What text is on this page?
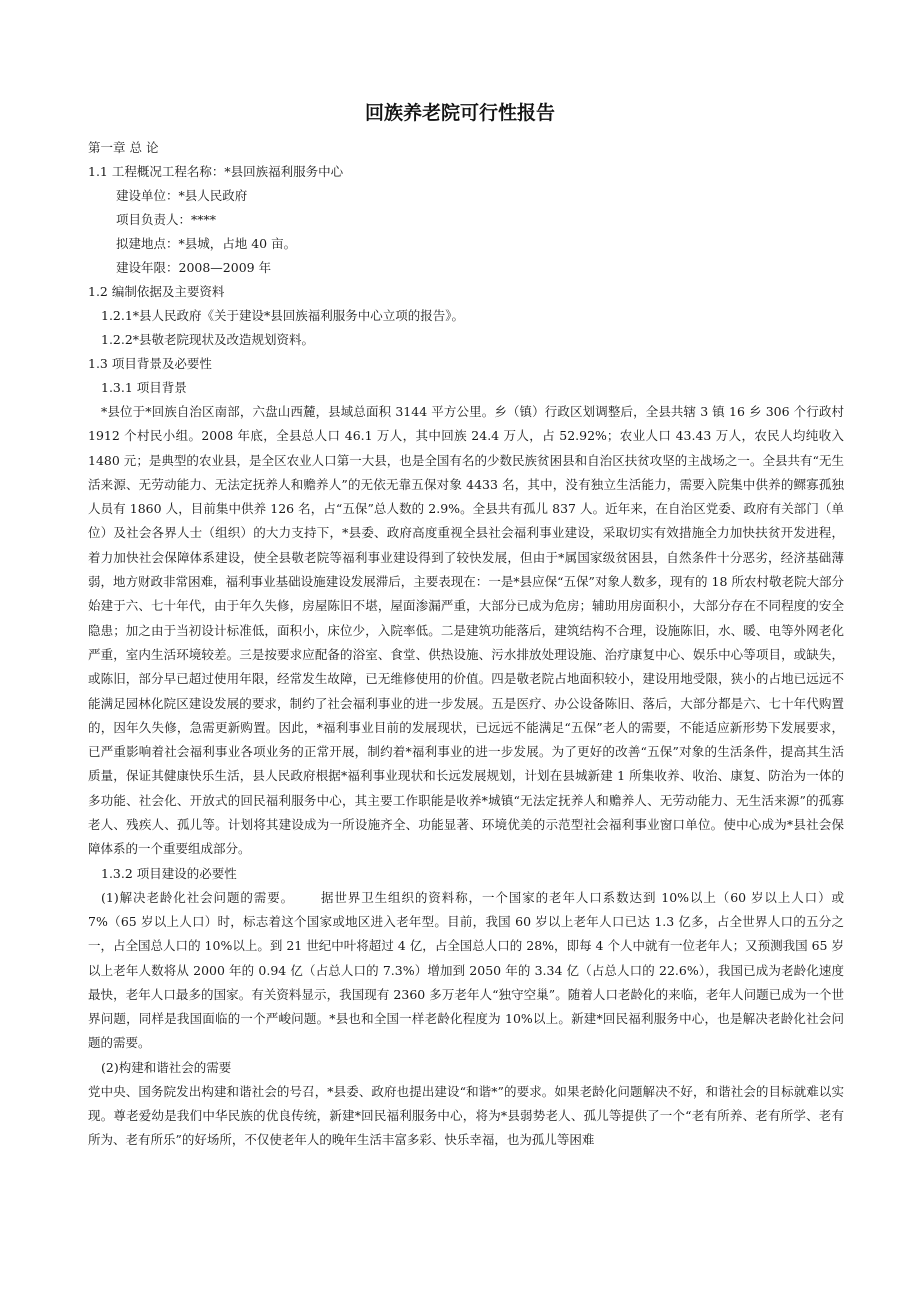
回族养老院可行性报告
第一章 总 论
1.1 工程概况工程名称：*县回族福利服务中心
建设单位：*县人民政府
项目负责人：****
拟建地点：*县城，占地 40 亩。
建设年限：2008—2009 年
1.2 编制依据及主要资料
1.2.1*县人民政府《关于建设*县回族福利服务中心立项的报告》。
1.2.2*县敬老院现状及改造规划资料。
1.3 项目背景及必要性
1.3.1 项目背景
*县位于*回族自治区南部，六盘山西麓，县域总面积 3144 平方公里。乡（镇）行政区划调整后，全县共辖 3 镇 16 乡 306 个行政村 1912 个村民小组。2008 年底，全县总人口 46.1 万人，其中回族 24.4 万人，占 52.92%；农业人口 43.43 万人，农民人均纯收入 1480 元；是典型的农业县，是全区农业人口第一大县，也是全国有名的少数民族贫困县和自治区扶贫攻坚的主战场之一。全县共有“无生活来源、无劳动能力、无法定抚养人和赡养人”的无依无靠五保对象 4433 名，其中，没有独立生活能力，需要入院集中供养的鳏寡孤独人员有 1860 人，目前集中供养 126 名，占“五保”总人数的 2.9%。全县共有孤儿 837 人。近年来，在自治区党委、政府有关部门（单位）及社会各界人士（组织）的大力支持下，*县委、政府高度重视全县社会福利事业建设，采取切实有效措施全力加快扶贫开发进程，着力加快社会保障体系建设，使全县敬老院等福利事业建设得到了较快发展，但由于*属国家级贫困县，自然条件十分恶劣，经济基础薄弱，地方财政非常困难，福利事业基础设施建设发展滞后，主要表现在：一是*县应保“五保”对象人数多，现有的 18 所农村敬老院大部分始建于六、七十年代，由于年久失修，房屋陈旧不堪，屋面渗漏严重，大部分已成为危房；辅助用房面积小，大部分存在不同程度的安全隐患；加之由于当初设计标准低，面积小，床位少，入院率低。二是建筑功能落后，建筑结构不合理，设施陈旧，水、暖、电等外网老化严重，室内生活环境较差。三是按要求应配备的浴室、食堂、供热设施、污水排放处理设施、治疗康复中心、娱乐中心等项目，或缺失，或陈旧，部分早已超过使用年限，经常发生故障，已无维修使用的价值。四是敬老院占地面积较小，建设用地受限，狭小的占地已远远不能满足园林化院区建设发展的要求，制约了社会福利事业的进一步发展。五是医疗、办公设备陈旧、落后，大部分都是六、七十年代购置的，因年久失修，急需更新购置。因此，*福利事业目前的发展现状，已远远不能满足“五保”老人的需要，不能适应新形势下发展要求，已严重影响着社会福利事业各项业务的正常开展，制约着*福利事业的进一步发展。为了更好的改善“五保”对象的生活条件，提高其生活质量，保证其健康快乐生活，县人民政府根据*福利事业现状和长远发展规划，计划在县城新建 1 所集收养、收治、康复、防治为一体的多功能、社会化、开放式的回民福利服务中心，其主要工作职能是收养*城镇“无法定抚养人和赡养人、无劳动能力、无生活来源”的孤寡老人、残疾人、孤儿等。计划将其建设成为一所设施齐全、功能显著、环境优美的示范型社会福利事业窗口单位。使中心成为*县社会保障体系的一个重要组成部分。
1.3.2 项目建设的必要性
(1)解决老龄化社会问题的需要。 据世界卫生组织的资料称，一个国家的老年人口系数达到 10%以上（60 岁以上人口）或 7%（65 岁以上人口）时，标志着这个国家或地区进入老年型。目前，我国 60 岁以上老年人口已达 1.3 亿多，占全世界人口的五分之一，占全国总人口的 10%以上。到 21 世纪中叶将超过 4 亿，占全国总人口的 28%，即每 4 个人中就有一位老年人；又预测我国 65 岁以上老年人数将从 2000 年的 0.94 亿（占总人口的 7.3%）增加到 2050 年的 3.34 亿（占总人口的 22.6%），我国已成为老龄化速度最快，老年人口最多的国家。有关资料显示，我国现有 2360 多万老年人“独守空巢”。随着人口老龄化的来临，老年人问题已成为一个世界问题，同样是我国面临的一个严峻问题。*县也和全国一样老龄化程度为 10%以上。新建*回民福利服务中心，也是解决老龄化社会问题的需要。
(2)构建和谐社会的需要
党中央、国务院发出构建和谐社会的号召，*县委、政府也提出建设“和谐*”的要求。如果老龄化问题解决不好，和谐社会的目标就难以实现。尊老爱幼是我们中华民族的优良传统，新建*回民福利服务中心，将为*县弱势老人、孤儿等提供了一个“老有所养、老有所学、老有所为、老有所乐”的好场所，不仅使老年人的晚年生活丰富多彩、快乐幸福，也为孤儿等困难
